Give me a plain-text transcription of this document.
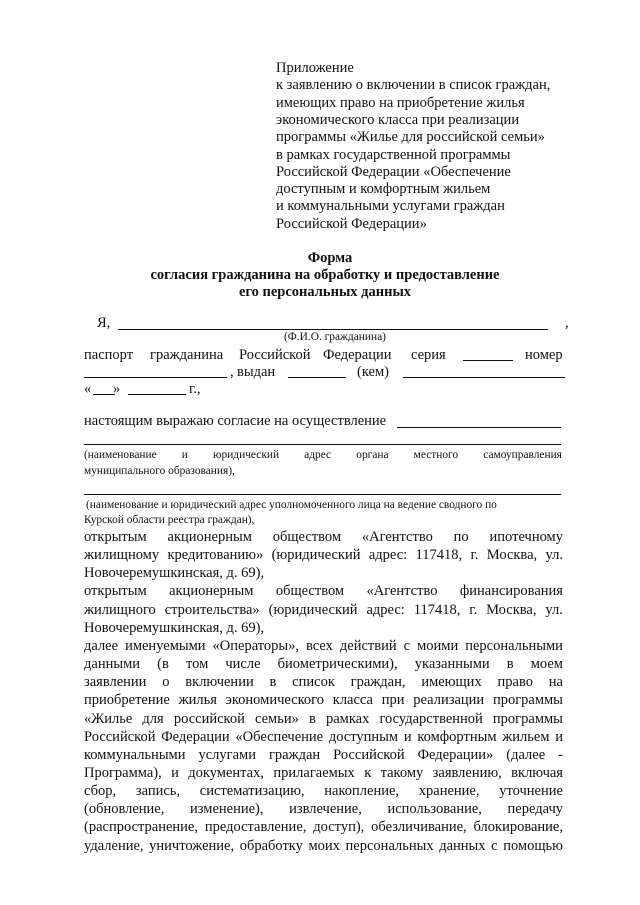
Приложение
к заявлению о включении в список граждан,
имеющих право на приобретение жилья
экономического класса при реализации
программы «Жилье для российской семьи»
в рамках государственной программы
Российской Федерации «Обеспечение
доступным и комфортным жильем
и коммунальными услугами граждан
Российской Федерации»
Форма
согласия гражданина на обработку и предоставление
его персональных данных
Я,	,
(Ф.И.О. гражданина)
паспорт гражданина Российской Федерации серия	номер
, выдан	(кем)
« »	г.,
настоящим выражаю согласие на осуществление
(наименование и юридический адрес органа местного самоуправления
муниципального образования),
(наименование и юридический адрес уполномоченного лица на ведение сводного по
Курской области реестра граждан),
открытым акционерным обществом «Агентство по ипотечному
жилищному кредитованию» (юридический адрес: 117418, г. Москва, ул.
Новочеремушкинская, д. 69),
открытым акционерным обществом «Агентство финансирования
жилищного строительства» (юридический адрес: 117418, г. Москва, ул.
Новочеремушкинская, д. 69),
далее именуемыми «Операторы», всех действий с моими персональными
данными (в том числе биометрическими), указанными в моем
заявлении о включении в список граждан, имеющих право на
приобретение жилья экономического класса при реализации программы
«Жилье для российской семьи» в рамках государственной программы
Российской Федерации «Обеспечение доступным и комфортным жильем и
коммунальными услугами граждан Российской Федерации» (далее -
Программа), и документах, прилагаемых к такому заявлению, включая
сбор, запись, систематизацию, накопление, хранение, уточнение
(обновление, изменение), извлечение, использование, передачу
(распространение, предоставление, доступ), обезличивание, блокирование,
удаление, уничтожение, обработку моих персональных данных с помощью
